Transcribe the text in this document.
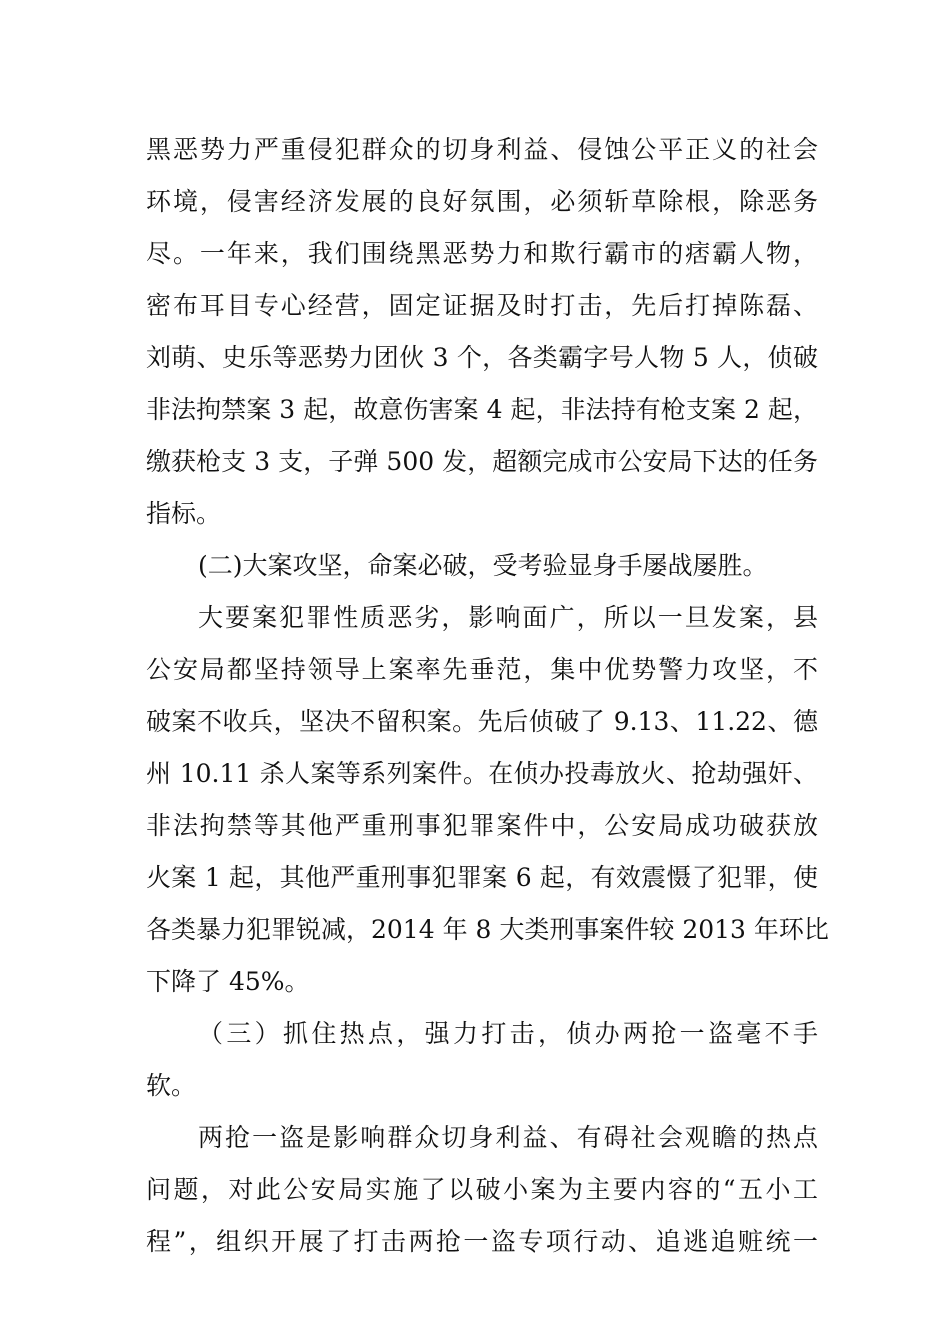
黑恶势力严重侵犯群众的切身利益、侵蚀公平正义的社会
环境，侵害经济发展的良好氛围，必须斩草除根，除恶务
尽。一年来，我们围绕黑恶势力和欺行霸市的痞霸人物，
密布耳目专心经营，固定证据及时打击，先后打掉陈磊、
刘萌、史乐等恶势力团伙 3 个，各类霸字号人物 5 人，侦破
非法拘禁案 3 起，故意伤害案 4 起，非法持有枪支案 2 起，
缴获枪支 3 支，子弹 500 发，超额完成市公安局下达的任务
指标。
(二)大案攻坚，命案必破，受考验显身手屡战屡胜。
大要案犯罪性质恶劣，影响面广，所以一旦发案，县
公安局都坚持领导上案率先垂范，集中优势警力攻坚，不
破案不收兵，坚决不留积案。先后侦破了 9.13、11.22、德
州 10.11 杀人案等系列案件。在侦办投毒放火、抢劫强奸、
非法拘禁等其他严重刑事犯罪案件中，公安局成功破获放
火案 1 起，其他严重刑事犯罪案 6 起，有效震慑了犯罪，使
各类暴力犯罪锐减，2014 年 8 大类刑事案件较 2013 年环比
下降了 45%。
（三）抓住热点，强力打击，侦办两抢一盗毫不手
软。
两抢一盗是影响群众切身利益、有碍社会观瞻的热点
问题，对此公安局实施了以破小案为主要内容的“五小工
程”，组织开展了打击两抢一盗专项行动、追逃追赃统一
